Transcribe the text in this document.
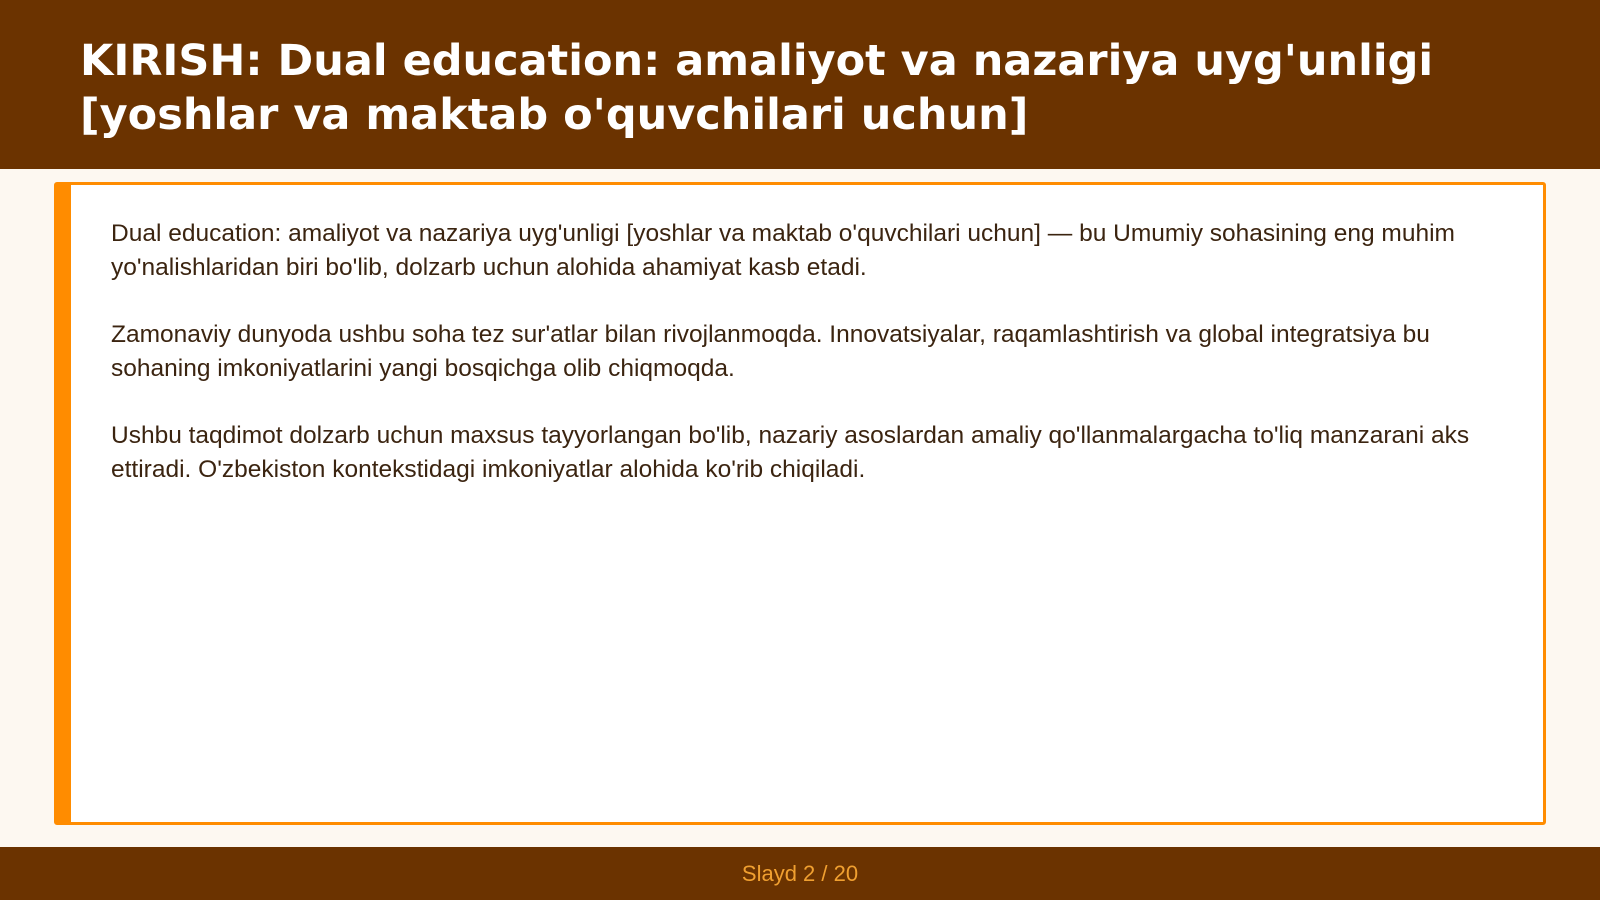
KIRISH: Dual education: amaliyot va nazariya uyg'unligi [yoshlar va maktab o'quvchilari uchun]

Dual education: amaliyot va nazariya uyg'unligi [yoshlar va maktab o'quvchilari uchun] — bu Umumiy sohasining eng muhim yo'nalishlaridan biri bo'lib, dolzarb uchun alohida ahamiyat kasb etadi.

Zamonaviy dunyoda ushbu soha tez sur'atlar bilan rivojlanmoqda. Innovatsiyalar, raqamlashtirish va global integratsiya bu sohaning imkoniyatlarini yangi bosqichga olib chiqmoqda.

Ushbu taqdimot dolzarb uchun maxsus tayyorlangan bo'lib, nazariy asoslardan amaliy qo'llanmalargacha to'liq manzarani aks ettiradi. O'zbekiston kontekstidagi imkoniyatlar alohida ko'rib chiqiladi.

Slayd 2 / 20
